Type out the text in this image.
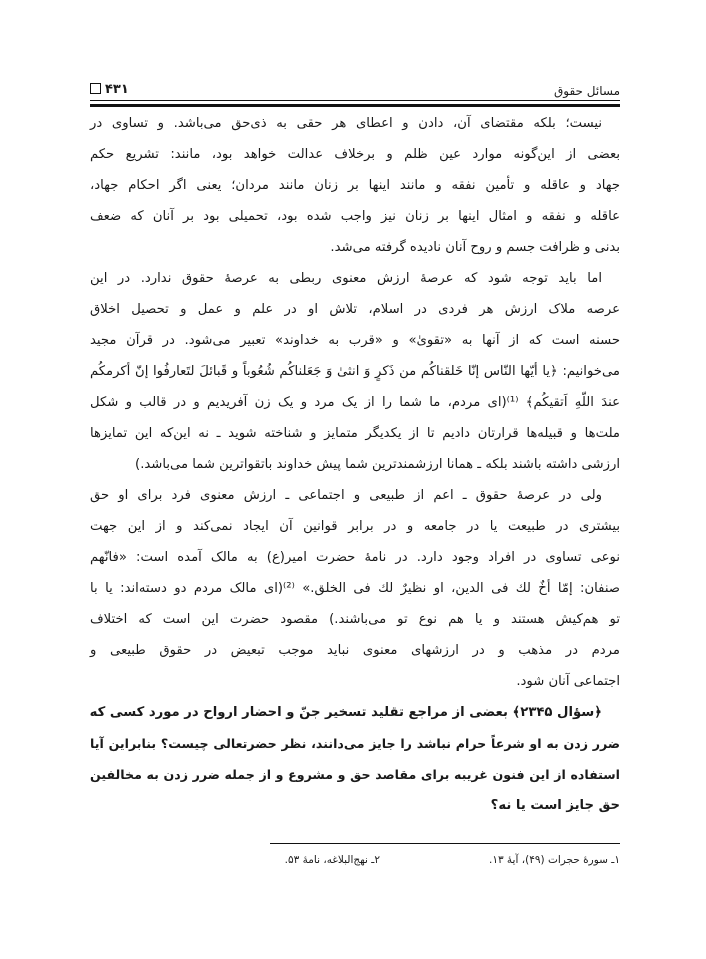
مسائل حقوق
۴۳۱
نیست؛ بلکه مقتضای آن، دادن و اعطای هر حقی به ذی‌حق می‌باشد. و تساوی در
بعضی از این‌گونه موارد عین ظلم و برخلاف عدالت خواهد بود، مانند: تشریع حکم
جهاد و عاقله و تأمین نفقه و مانند اینها بر زنان مانند مردان؛ یعنی اگر احکام جهاد،
عاقله و نفقه و امثال اینها بر زنان نیز واجب شده بود، تحمیلی بود بر آنان که ضعف
بدنی و ظرافت جسم و روح آنان نادیده گرفته می‌شد.
اما باید توجه شود که عرصهٔ ارزش معنوی ربطی به عرصهٔ حقوق ندارد. در این
عرصه ملاک ارزش هر فردی در اسلام، تلاش او در علم و عمل و تحصیل اخلاق
حسنه است که از آنها به «تقویٰ» و «قرب به خداوند» تعبیر می‌شود. در قرآن مجید
می‌خوانیم: ﴿یا أیّها النّاس إنّا خَلقناکُم من ذَکرٍ وَ انثیٰ وَ جَعَلناکُم شُعُوباً و قَبائلَ لتَعارفُوا إنّ أکرمکُم
عندَ اللّهِ اَتقیکُم﴾ ⁽¹⁾(ای مردم، ما شما را از یک مرد و یک زن آفریدیم و در قالب و شکل
ملت‌ها و قبیله‌ها قرارتان دادیم تا از یکدیگر متمایز و شناخته شوید ـ نه این‌که این تمایزها
ارزشی داشته باشند بلکه ـ همانا ارزشمندترین شما پیش خداوند باتقواترین شما می‌باشد.)
ولی در عرصهٔ حقوق ـ اعم از طبیعی و اجتماعی ـ ارزش معنوی فرد برای او حق
بیشتری در طبیعت یا در جامعه و در برابر قوانین آن ایجاد نمی‌کند و از این جهت
نوعی تساوی در افراد وجود دارد. در نامهٔ حضرت امیر(ع) به مالک آمده است: «فانّهم
صنفان: إمّا أخٌ لك فی الدین، او نظیرٌ لك فی الخلق.» ⁽²⁾(ای مالک مردم دو دسته‌اند: یا با
تو هم‌کیش هستند و یا هم نوع تو می‌باشند.) مقصود حضرت این است که اختلاف
مردم در مذهب و در ارزشهای معنوی نباید موجب تبعیض در حقوق طبیعی و
اجتماعی آنان شود.
﴿سؤال ۲۳۴۵﴾ بعضی از مراجع تقلید تسخیر جنّ و احضار ارواح در مورد کسی که
ضرر زدن به او شرعاً حرام نباشد را جایز می‌دانند، نظر حضرتعالی چیست؟ بنابراین آیا
استفاده از این فنون غریبه برای مقاصد حق و مشروع و از جمله ضرر زدن به مخالفین
حق جایز است یا نه؟
۱ـ سورهٔ حجرات (۴۹)، آیهٔ ۱۳.
۲ـ نهج‌البلاغه، نامهٔ ۵۳.
